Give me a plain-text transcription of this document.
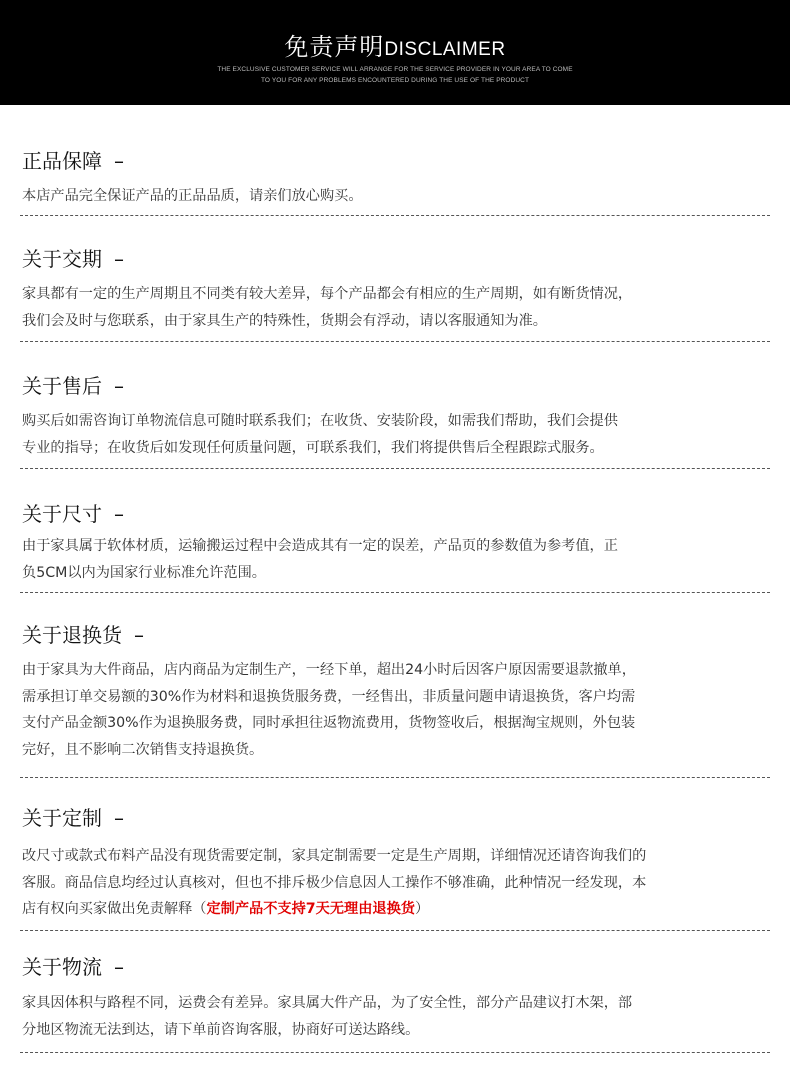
免责声明DISCLAIMER
THE EXCLUSIVE CUSTOMER SERVICE WILL ARRANGE FOR THE SERVICE PROVIDER IN YOUR AREA TO COME
TO YOU FOR ANY PROBLEMS ENCOUNTERED DURING THE USE OF THE PRODUCT
正品保障 –
本店产品完全保证产品的正品品质，请亲们放心购买。
关于交期 –
家具都有一定的生产周期且不同类有较大差异，每个产品都会有相应的生产周期，如有断货情况，
我们会及时与您联系，由于家具生产的特殊性，货期会有浮动，请以客服通知为准。
关于售后 –
购买后如需咨询订单物流信息可随时联系我们；在收货、安装阶段，如需我们帮助，我们会提供
专业的指导；在收货后如发现任何质量问题，可联系我们，我们将提供售后全程跟踪式服务。
关于尺寸 –
由于家具属于软体材质，运输搬运过程中会造成其有一定的误差，产品页的参数值为参考值，正
负5CM以内为国家行业标准允许范围。
关于退换货 –
由于家具为大件商品，店内商品为定制生产，一经下单，超出24小时后因客户原因需要退款撤单，
需承担订单交易额的30%作为材料和退换货服务费，一经售出，非质量问题申请退换货，客户均需
支付产品金额30%作为退换服务费，同时承担往返物流费用，货物签收后，根据淘宝规则，外包装
完好，且不影响二次销售支持退换货。
关于定制 –
改尺寸或款式布料产品没有现货需要定制，家具定制需要一定是生产周期，详细情况还请咨询我们的
客服。商品信息均经过认真核对，但也不排斥极少信息因人工操作不够准确，此种情况一经发现，本
店有权向买家做出免责解释（定制产品不支持7天无理由退换货）
关于物流 –
家具因体积与路程不同，运费会有差异。家具属大件产品，为了安全性，部分产品建议打木架，部
分地区物流无法到达，请下单前咨询客服，协商好可送达路线。
